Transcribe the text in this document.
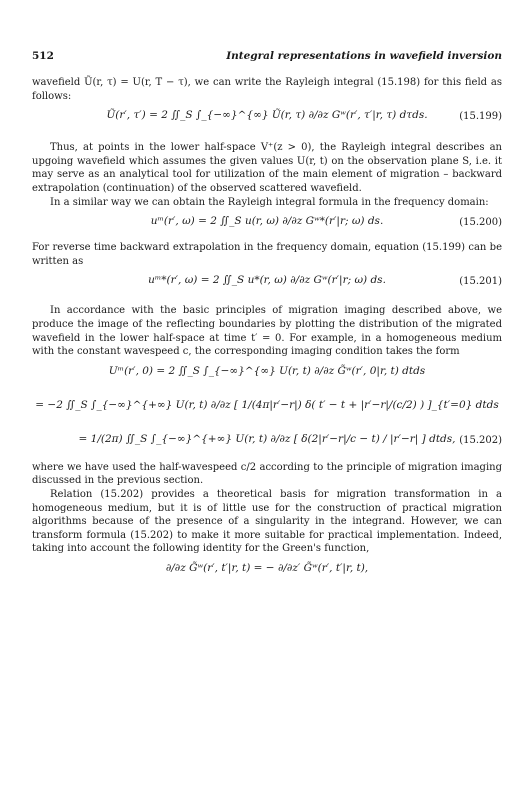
512	Integral representations in wavefield inversion

wavefield Ũ(r, τ) = U(r, T − τ), we can write the Rayleigh integral (15.198) for this field as follows:

Ũ(r′, τ′) = 2 ∬_S ∫_{−∞}^{∞} Ũ(r, τ) ∂/∂z Gʷ(r′, τ′|r, τ) dτds.	(15.199)

Thus, at points in the lower half-space V⁺(z > 0), the Rayleigh integral describes an upgoing wavefield which assumes the given values U(r, t) on the observation plane S, i.e. it may serve as an analytical tool for utilization of the main element of migration – backward extrapolation (continuation) of the observed scattered wavefield.

In a similar way we can obtain the Rayleigh integral formula in the frequency domain:

uᵐ(r′, ω) = 2 ∬_S u(r, ω) ∂/∂z Gʷ*(r′|r; ω) ds.	(15.200)

For reverse time backward extrapolation in the frequency domain, equation (15.199) can be written as

uᵐ*(r′, ω) = 2 ∬_S u*(r, ω) ∂/∂z Gʷ(r′|r; ω) ds.	(15.201)

In accordance with the basic principles of migration imaging described above, we produce the image of the reflecting boundaries by plotting the distribution of the migrated wavefield in the lower half-space at time t′ = 0. For example, in a homogeneous medium with the constant wavespeed c, the corresponding imaging condition takes the form

Uᵐ(r′, 0) = 2 ∬_S ∫_{−∞}^{∞} U(r, t) ∂/∂z G̃ʷ(r′, 0|r, t) dtds
= −2 ∬_S ∫_{−∞}^{+∞} U(r, t) ∂/∂z [ 1/(4π|r′−r|) δ( t′ − t + |r′−r|/(c/2) ) ]_{t′=0} dtds
= 1/(2π) ∬_S ∫_{−∞}^{+∞} U(r, t) ∂/∂z [ δ(2|r′−r|/c − t) / |r′−r| ] dtds, (15.202)

where we have used the half-wavespeed c/2 according to the principle of migration imaging discussed in the previous section.

Relation (15.202) provides a theoretical basis for migration transformation in a homogeneous medium, but it is of little use for the construction of practical migration algorithms because of the presence of a singularity in the integrand. However, we can transform formula (15.202) to make it more suitable for practical implementation. Indeed, taking into account the following identity for the Green's function,

∂/∂z G̃ʷ(r′, t′|r, t) = − ∂/∂z′ G̃ʷ(r′, t′|r, t),
